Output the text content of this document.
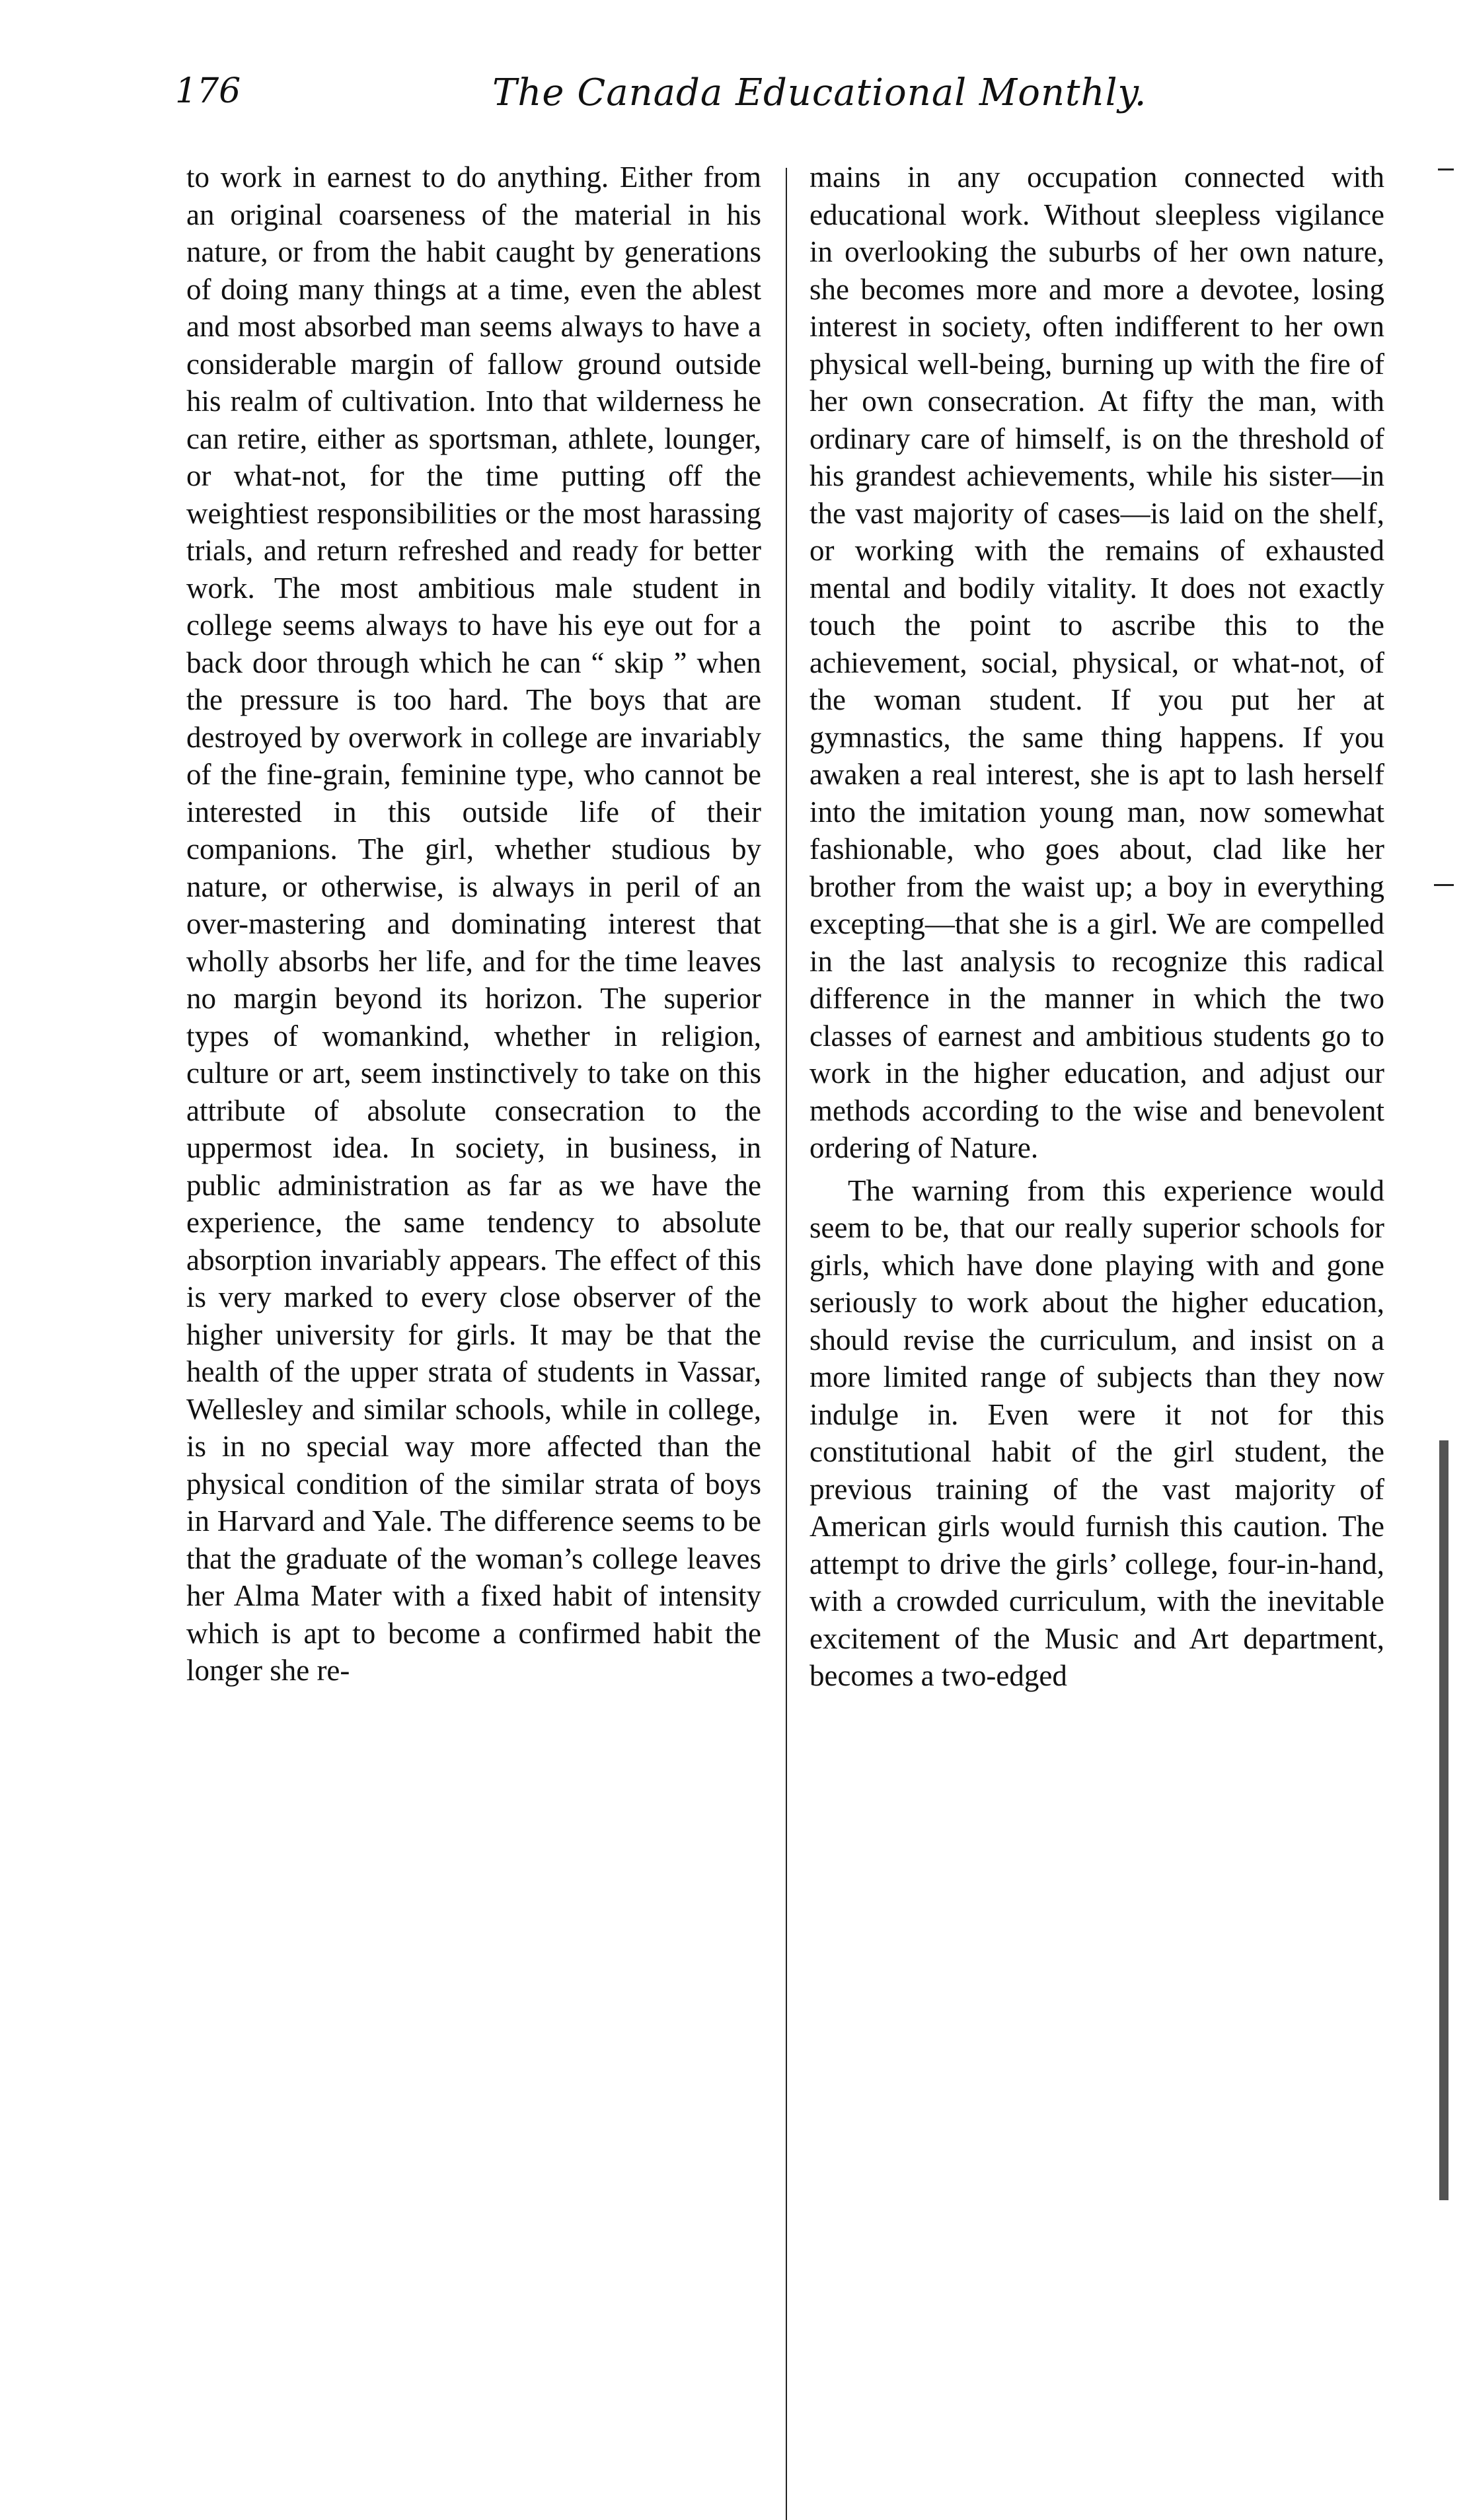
176	The Canada Educational Monthly.

to work in earnest to do anything. Either from an original coarseness of the material in his nature, or from the habit caught by generations of doing many things at a time, even the ablest and most absorbed man seems always to have a considerable margin of fallow ground outside his realm of cultivation. Into that wilderness he can retire, either as sportsman, athlete, lounger, or what-not, for the time putting off the weightiest responsibilities or the most harassing trials, and return refreshed and ready for better work. The most ambitious male student in college seems always to have his eye out for a back door through which he can “ skip ” when the pressure is too hard. The boys that are destroyed by overwork in college are invariably of the fine-grain, feminine type, who cannot be interested in this outside life of their companions. The girl, whether studious by nature, or otherwise, is always in peril of an over-mastering and dominating interest that wholly absorbs her life, and for the time leaves no margin beyond its horizon. The superior types of womankind, whether in religion, culture or art, seem instinctively to take on this attribute of absolute consecration to the uppermost idea. In society, in business, in public administration as far as we have the experience, the same tendency to absolute absorption invariably appears. The effect of this is very marked to every close observer of the higher university for girls. It may be that the health of the upper strata of students in Vassar, Wellesley and similar schools, while in college, is in no special way more affected than the physical condition of the similar strata of boys in Harvard and Yale. The difference seems to be that the graduate of the woman’s college leaves her Alma Mater with a fixed habit of intensity which is apt to become a confirmed habit the longer she re-

mains in any occupation connected with educational work. Without sleepless vigilance in overlooking the suburbs of her own nature, she becomes more and more a devotee, losing interest in society, often indifferent to her own physical well-being, burning up with the fire of her own consecration. At fifty the man, with ordinary care of himself, is on the threshold of his grandest achievements, while his sister—in the vast majority of cases—is laid on the shelf, or working with the remains of exhausted mental and bodily vitality. It does not exactly touch the point to ascribe this to the achievement, social, physical, or what-not, of the woman student. If you put her at gymnastics, the same thing happens. If you awaken a real interest, she is apt to lash herself into the imitation young man, now somewhat fashionable, who goes about, clad like her brother from the waist up; a boy in everything excepting—that she is a girl. We are compelled in the last analysis to recognize this radical difference in the manner in which the two classes of earnest and ambitious students go to work in the higher education, and adjust our methods according to the wise and benevolent ordering of Nature.

The warning from this experience would seem to be, that our really superior schools for girls, which have done playing with and gone seriously to work about the higher education, should revise the curriculum, and insist on a more limited range of subjects than they now indulge in. Even were it not for this constitutional habit of the girl student, the previous training of the vast majority of American girls would furnish this caution. The attempt to drive the girls’ college, four-in-hand, with a crowded curriculum, with the inevitable excitement of the Music and Art department, becomes a two-edged
